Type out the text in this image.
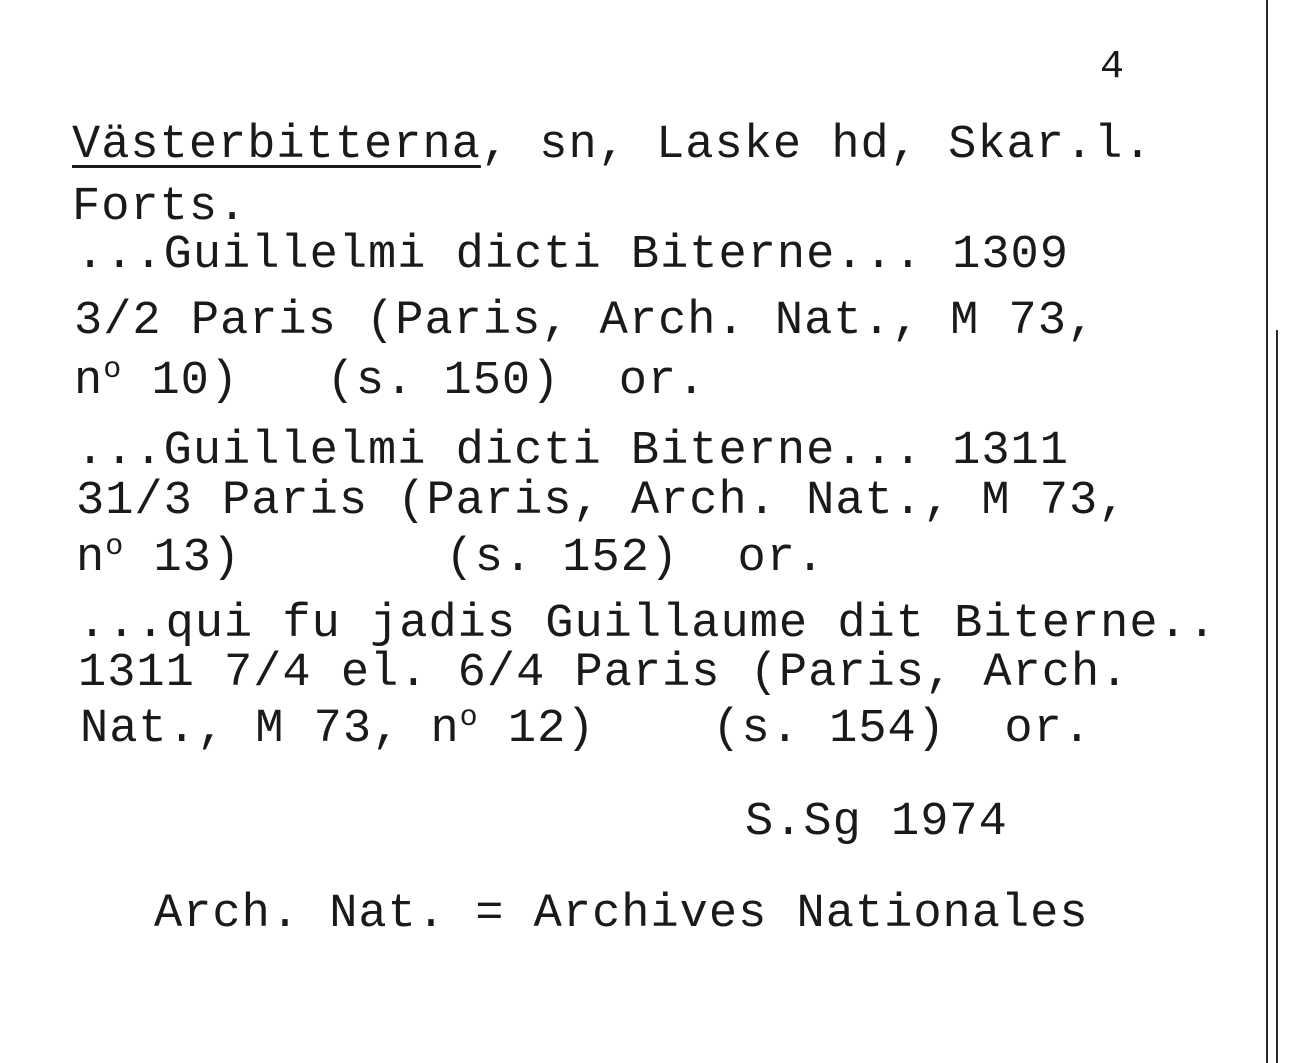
4
Västerbitterna, sn, Laske hd, Skar.l.
Forts.
...Guillelmi dicti Biterne... 1309
3/2 Paris (Paris, Arch. Nat., M 73,
$n^o$ 10)   (s. 150)  or.
...Guillelmi dicti Biterne... 1311
31/3 Paris (Paris, Arch. Nat., M 73,
$n^o$ 13)       (s. 152)  or.
...qui fu jadis Guillaume dit Biterne..
1311 7/4 el. 6/4 Paris (Paris, Arch.
Nat., M 73, $n^o$ 12)    (s. 154)  or.
S.Sg 1974
Arch. Nat. = Archives Nationales
